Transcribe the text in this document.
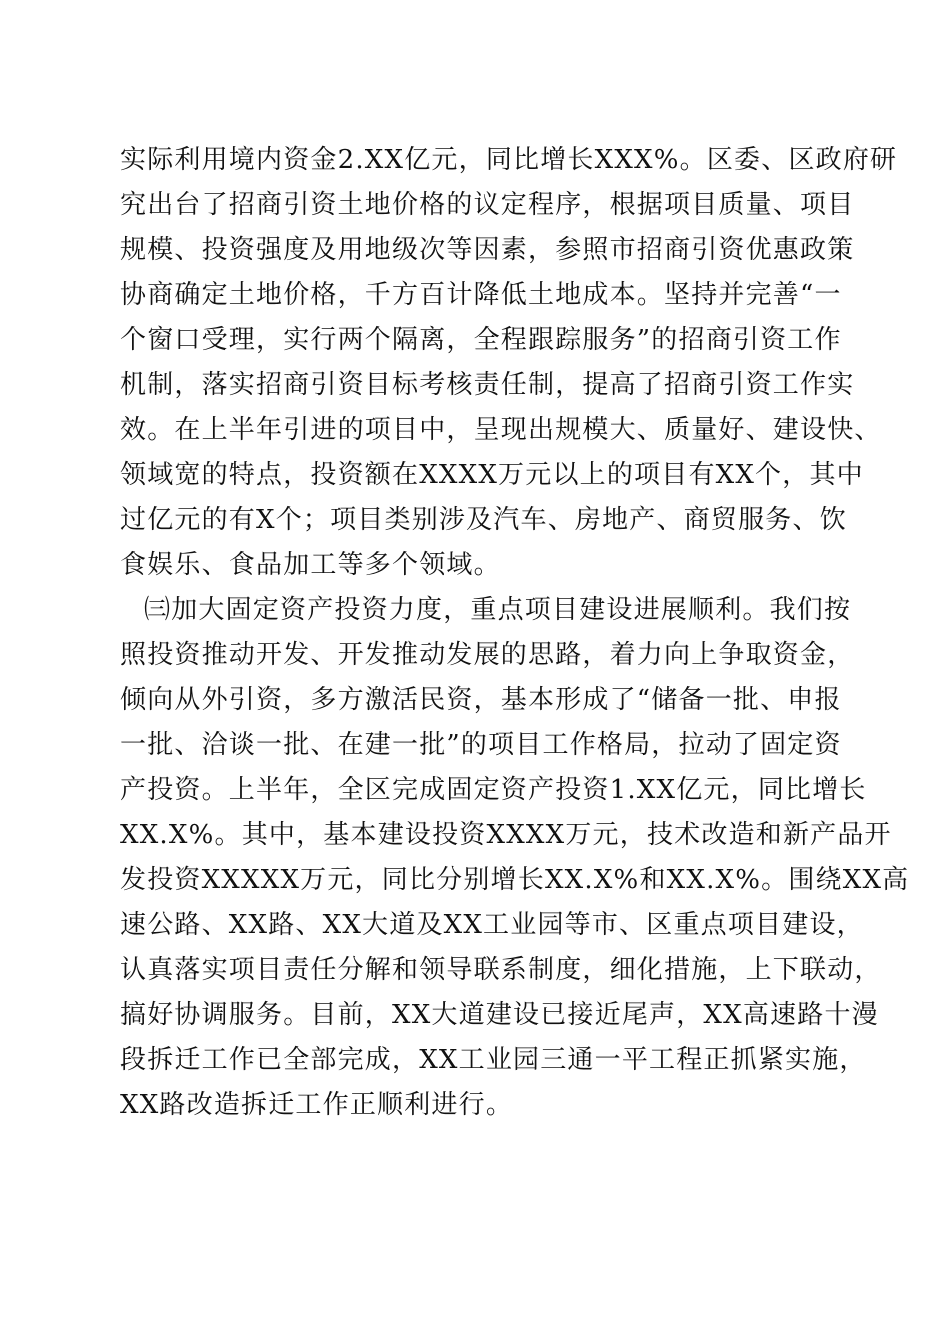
实际利用境内资金2.XX亿元，同比增长XXX%。区委、区政府研
究出台了招商引资土地价格的议定程序，根据项目质量、项目
规模、投资强度及用地级次等因素，参照市招商引资优惠政策
协商确定土地价格，千方百计降低土地成本。坚持并完善“一
个窗口受理，实行两个隔离，全程跟踪服务”的招商引资工作
机制，落实招商引资目标考核责任制，提高了招商引资工作实
效。在上半年引进的项目中，呈现出规模大、质量好、建设快、
领域宽的特点，投资额在XXXX万元以上的项目有XX个，其中
过亿元的有X个；项目类别涉及汽车、房地产、商贸服务、饮
食娱乐、食品加工等多个领域。
㈢加大固定资产投资力度，重点项目建设进展顺利。我们按
照投资推动开发、开发推动发展的思路，着力向上争取资金，
倾向从外引资，多方激活民资，基本形成了“储备一批、申报
一批、洽谈一批、在建一批”的项目工作格局，拉动了固定资
产投资。上半年，全区完成固定资产投资1.XX亿元，同比增长
XX.X%。其中，基本建设投资XXXX万元，技术改造和新产品开
发投资XXXXX万元，同比分别增长XX.X%和XX.X%。围绕XX高
速公路、XX路、XX大道及XX工业园等市、区重点项目建设，
认真落实项目责任分解和领导联系制度，细化措施，上下联动，
搞好协调服务。目前，XX大道建设已接近尾声，XX高速路十漫
段拆迁工作已全部完成，XX工业园三通一平工程正抓紧实施，
XX路改造拆迁工作正顺利进行。
